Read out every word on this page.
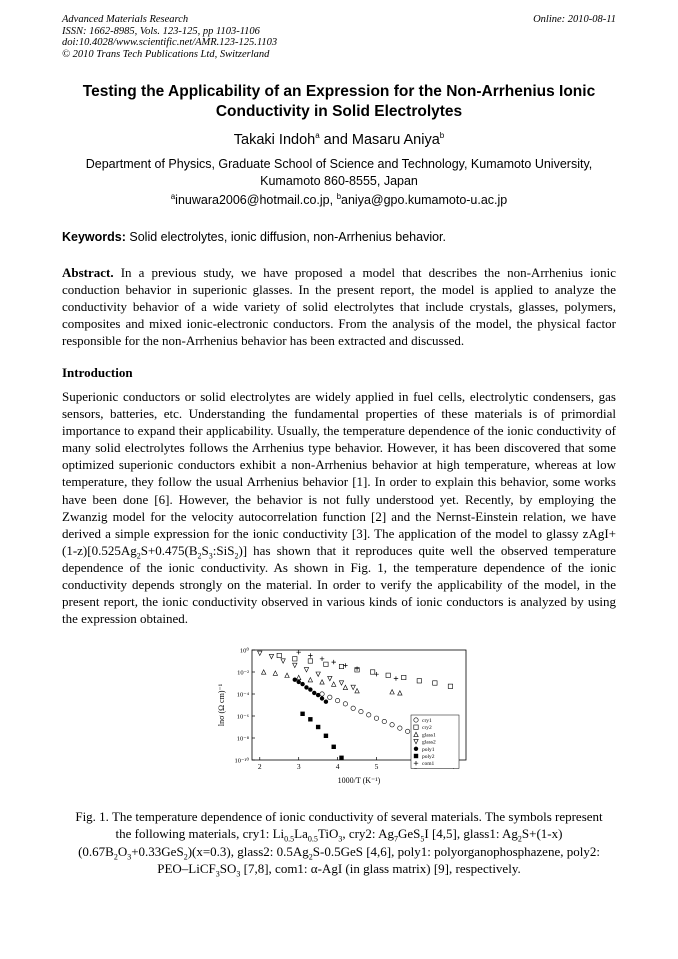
Advanced Materials Research
ISSN: 1662-8985, Vols. 123-125, pp 1103-1106
doi:10.4028/www.scientific.net/AMR.123-125.1103
© 2010 Trans Tech Publications Ltd, Switzerland
Online: 2010-08-11
Testing the Applicability of an Expression for the Non-Arrhenius Ionic Conductivity in Solid Electrolytes
Takaki Indoh$^a$ and Masaru Aniya$^b$
Department of Physics, Graduate School of Science and Technology, Kumamoto University,
Kumamoto 860-8555, Japan
$^a$inuwara2006@hotmail.co.jp, $^b$aniya@gpo.kumamoto-u.ac.jp
Keywords: Solid electrolytes, ionic diffusion, non-Arrhenius behavior.
Abstract. In a previous study, we have proposed a model that describes the non-Arrhenius ionic conduction behavior in superionic glasses. In the present report, the model is applied to analyze the conductivity behavior of a wide variety of solid electrolytes that include crystals, glasses, polymers, composites and mixed ionic-electronic conductors. From the analysis of the model, the physical factor responsible for the non-Arrhenius behavior has been extracted and discussed.
Introduction
Superionic conductors or solid electrolytes are widely applied in fuel cells, electrolytic condensers, gas sensors, batteries, etc. Understanding the fundamental properties of these materials is of primordial importance to expand their applicability. Usually, the temperature dependence of the ionic conductivity of many solid electrolytes follows the Arrhenius type behavior. However, it has been discovered that some optimized superionic conductors exhibit a non-Arrhenius behavior at high temperature, whereas at low temperature, they follow the usual Arrhenius behavior [1]. In order to explain this behavior, some works have been done [6]. However, the behavior is not fully understood yet. Recently, by employing the Zwanzig model for the velocity autocorrelation function [2] and the Nernst-Einstein relation, we have derived a simple expression for the ionic conductivity [3]. The application of the model to glassy $zAgI+(1-z)[0.525Ag_2S+0.475(B_2S_3:SiS_2)]$ has shown that it reproduces quite well the observed temperature dependence of the ionic conductivity. As shown in Fig. 1, the temperature dependence of the ionic conductivity depends strongly on the material. In order to verify the applicability of the model, in the present report, the ionic conductivity observed in various kinds of ionic conductors is analyzed by using the expression obtained.
2	3	4	5
10⁰
10⁻²
10⁻⁴
10⁻⁶
10⁻⁸
10⁻¹⁰
1000/T (K⁻¹)
lnσ (Ω cm)⁻¹	cry1
cry2
glass1
glass2
poly1
poly2
com1
Fig. 1. The temperature dependence of ionic conductivity of several materials. The symbols represent the following materials, cry1: $Li_{0.5}La_{0.5}TiO_3$, cry2: $Ag_7GeS_5I$ [4,5], glass1: $Ag_2S+(1-x)$ $(0.67B_2O_3+0.33GeS_2)(x=0.3)$, glass2: $0.5Ag_2S-0.5GeS$ [4,6], poly1: polyorganophosphazene, poly2: PEO–$LiCF_3SO_3$ [7,8], com1: α-AgI (in glass matrix) [9], respectively.
